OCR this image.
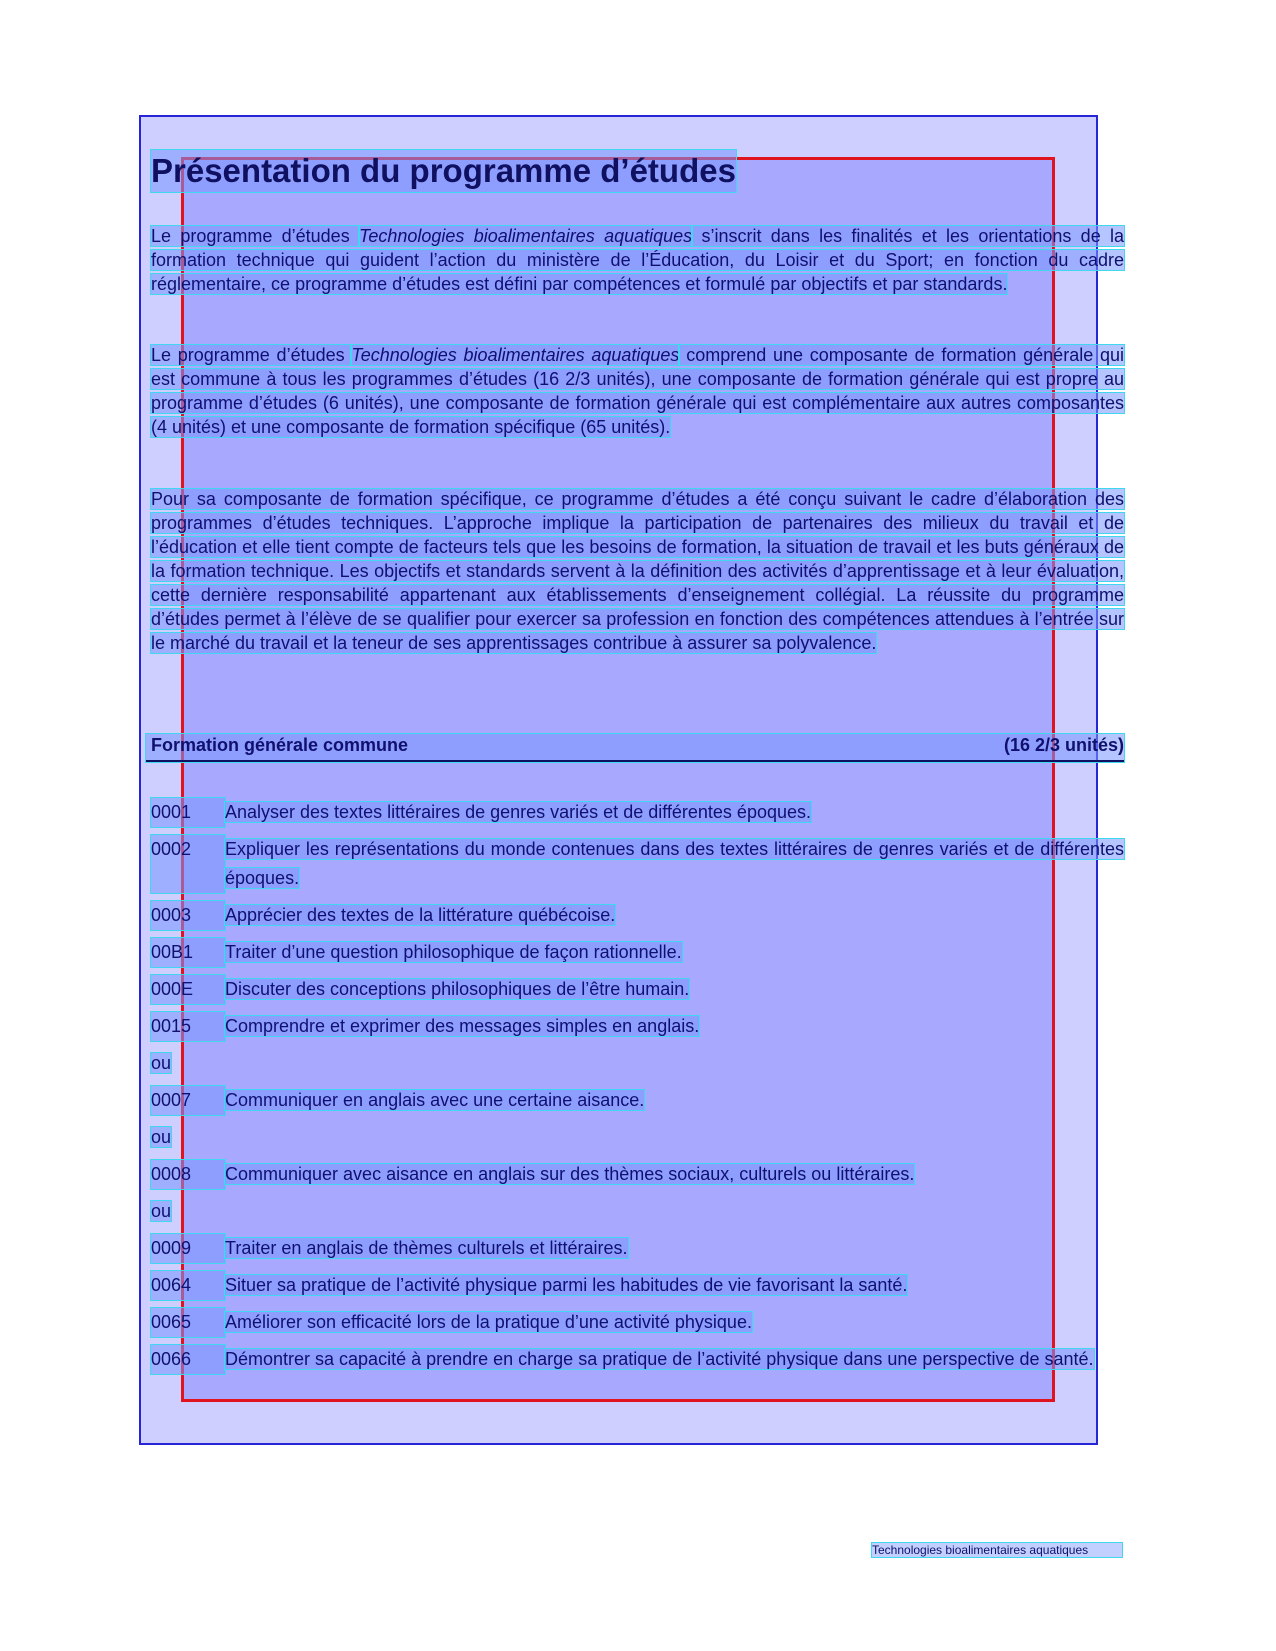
Présentation du programme d’études

Le programme d’études Technologies bioalimentaires aquatiques s’inscrit dans les finalités et les orientations de la formation technique qui guident l’action du ministère de l’Éducation, du Loisir et du Sport; en fonction du cadre réglementaire, ce programme d’études est défini par compétences et formulé par objectifs et par standards.

Le programme d’études Technologies bioalimentaires aquatiques comprend une composante de formation générale qui est commune à tous les programmes d’études (16 2/3 unités), une composante de formation générale qui est propre au programme d’études (6 unités), une composante de formation générale qui est complémentaire aux autres composantes (4 unités) et une composante de formation spécifique (65 unités).

Pour sa composante de formation spécifique, ce programme d’études a été conçu suivant le cadre d’élaboration des programmes d’études techniques. L’approche implique la participation de partenaires des milieux du travail et de l’éducation et elle tient compte de facteurs tels que les besoins de formation, la situation de travail et les buts généraux de la formation technique. Les objectifs et standards servent à la définition des activités d’apprentissage et à leur évaluation, cette dernière responsabilité appartenant aux établissements d’enseignement collégial. La réussite du programme d’études permet à l’élève de se qualifier pour exercer sa profession en fonction des compétences attendues à l’entrée sur le marché du travail et la teneur de ses apprentissages contribue à assurer sa polyvalence.

Formation générale commune	(16 2/3 unités)
0001	Analyser des textes littéraires de genres variés et de différentes époques.
0002	Expliquer les représentations du monde contenues dans des textes littéraires de genres variés et de différentes époques.
0003	Apprécier des textes de la littérature québécoise.
00B1	Traiter d’une question philosophique de façon rationnelle.
000E	Discuter des conceptions philosophiques de l’être humain.
0015	Comprendre et exprimer des messages simples en anglais.
ou
0007	Communiquer en anglais avec une certaine aisance.
ou
0008	Communiquer avec aisance en anglais sur des thèmes sociaux, culturels ou littéraires.
ou
0009	Traiter en anglais de thèmes culturels et littéraires.
0064	Situer sa pratique de l’activité physique parmi les habitudes de vie favorisant la santé.
0065	Améliorer son efficacité lors de la pratique d’une activité physique.
0066	Démontrer sa capacité à prendre en charge sa pratique de l’activité physique dans une perspective de santé.
Technologies bioalimentaires aquatiques
